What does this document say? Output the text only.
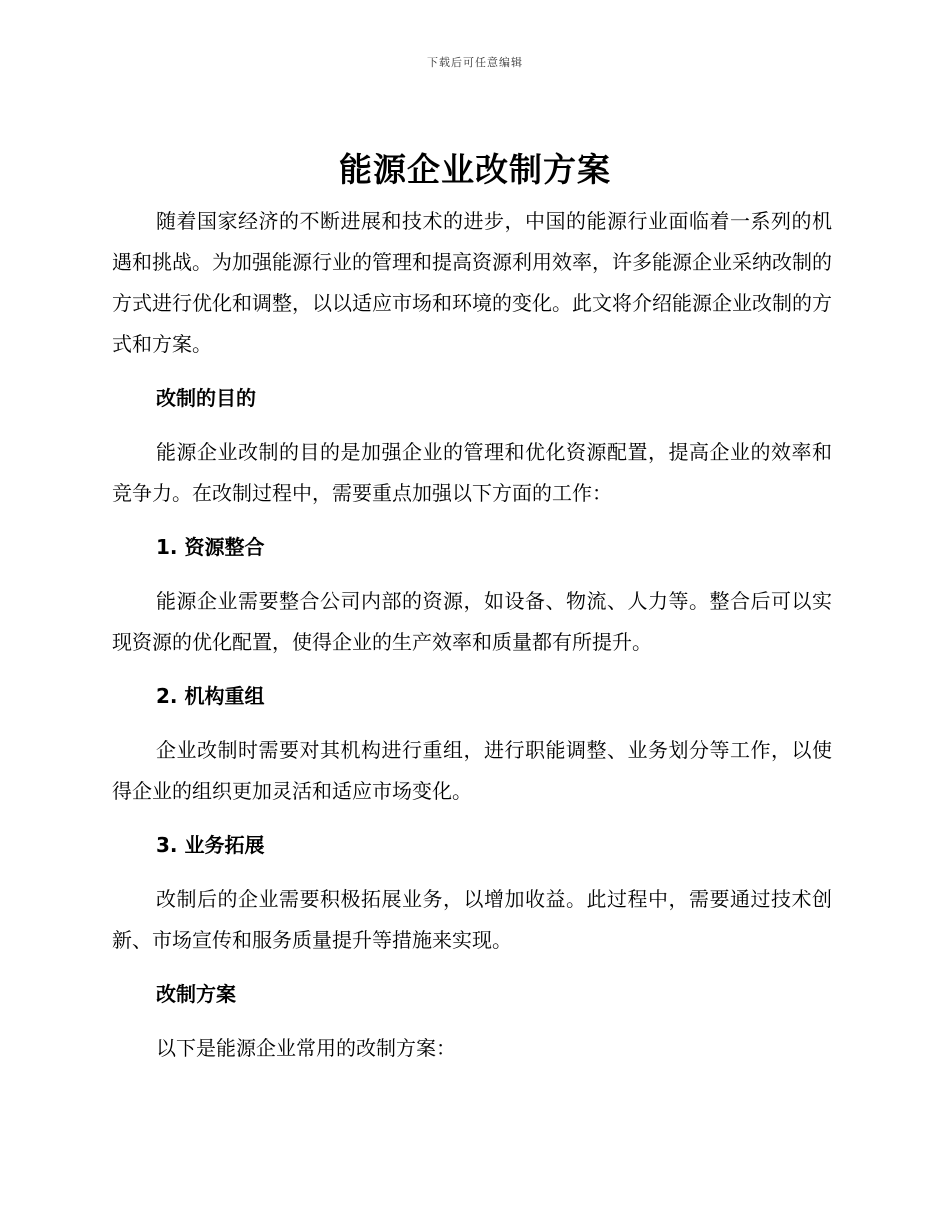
下载后可任意编辑
能源企业改制方案

随着国家经济的不断进展和技术的进步，中国的能源行业面临着一系列的机遇和挑战。为加强能源行业的管理和提高资源利用效率，许多能源企业采纳改制的方式进行优化和调整，以以适应市场和环境的变化。此文将介绍能源企业改制的方式和方案。

改制的目的

能源企业改制的目的是加强企业的管理和优化资源配置，提高企业的效率和竞争力。在改制过程中，需要重点加强以下方面的工作：

1. 资源整合

能源企业需要整合公司内部的资源，如设备、物流、人力等。整合后可以实现资源的优化配置，使得企业的生产效率和质量都有所提升。

2. 机构重组

企业改制时需要对其机构进行重组，进行职能调整、业务划分等工作，以使得企业的组织更加灵活和适应市场变化。

3. 业务拓展

改制后的企业需要积极拓展业务，以增加收益。此过程中，需要通过技术创新、市场宣传和服务质量提升等措施来实现。

改制方案

以下是能源企业常用的改制方案：
